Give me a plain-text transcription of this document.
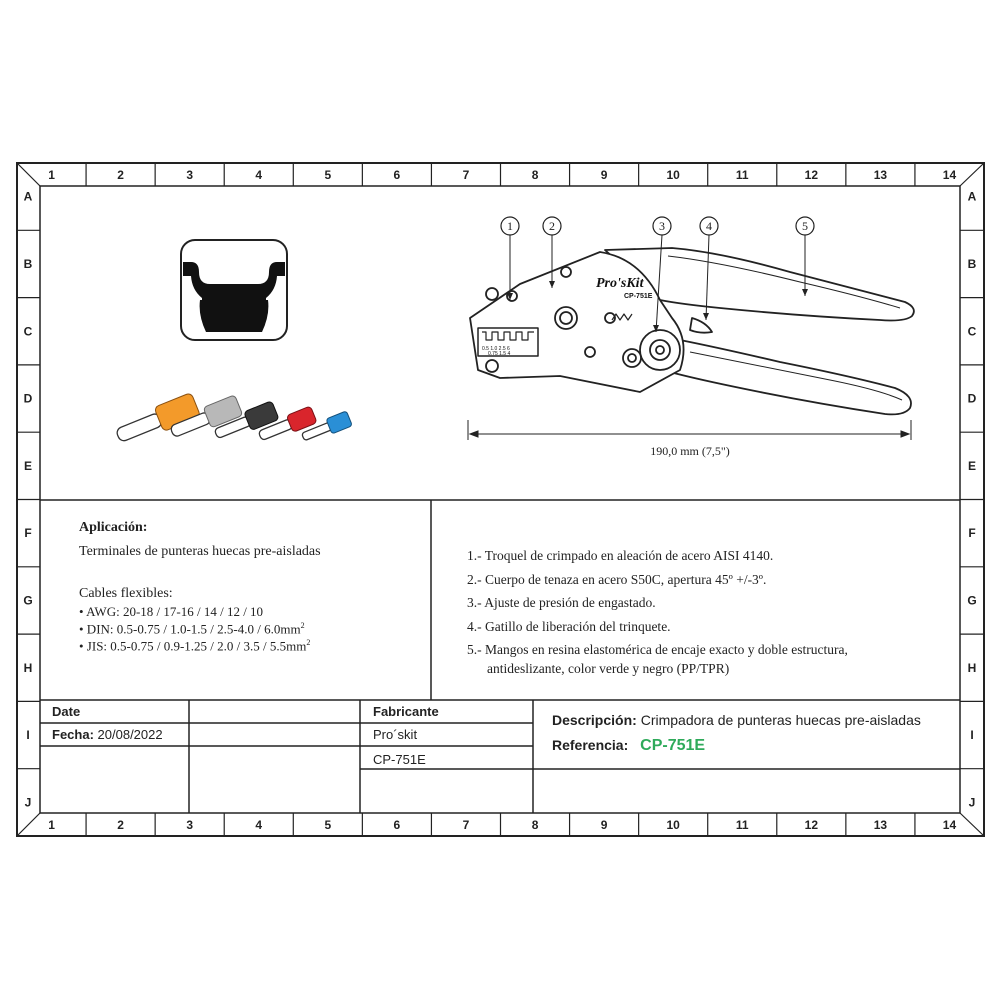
1
1
2
2
3
3
4
4
5
5
6
6
7
7
8
8
9
9
10
10
11
11
12
12
13
13
14
14
A	A
B	B
C	C
D	D
E	E
F	F
G	G
H	H
I	I
J	J
Pro'sKit
CP-751E
0.5 1.0 2.5 6
0.75 1.5 4
1	2	3	4	5
190,0 mm (7,5")
Aplicación:
Terminales de punteras huecas pre-aisladas
Cables flexibles:
• AWG: 20-18 / 17-16 / 14 / 12 / 10
• DIN: $0.5-0.75 / 1.0-1.5 / 2.5-4.0 / 6.0mm^2$
• JIS: $0.5-0.75 / 0.9-1.25 / 2.0 / 3.5 / 5.5mm^2$
1.- Troquel de crimpado en aleación de acero AISI 4140.
2.- Cuerpo de tenaza en acero S50C, apertura 45º +/-3º.
3.- Ajuste de presión de engastado.
4.- Gatillo de liberación del trinquete.
5.- Mangos en resina elastomérica de encaje exacto y doble estructura,
antideslizante, color verde y negro (PP/TPR)
Date
Fecha: 20/08/2022
Fabricante
Pro´skit
CP-751E
Descripción: Crimpadora de punteras huecas pre-aisladas
Referencia: CP-751E
